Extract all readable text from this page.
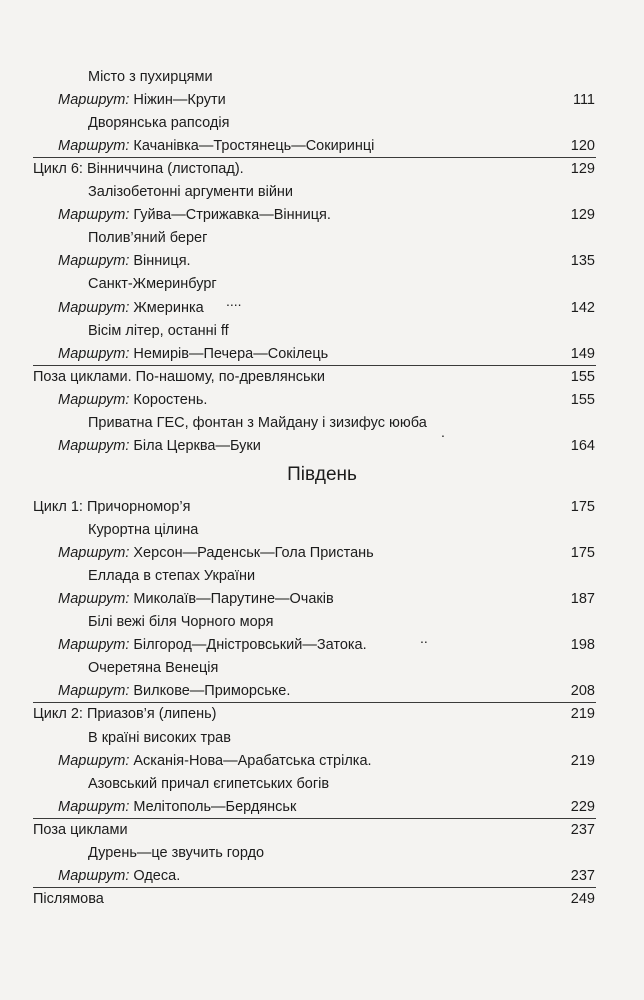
Місто з пухирцями
Маршрут: Ніжин—Крути	111
Дворянська рапсодія
Маршрут: Качанівка—Тростянець—Сокиринці	120
Цикл 6: Вінниччина (листопад).	129
Залізобетонні аргументи війни
Маршрут: Гуйва—Стрижавка—Вінниця.	129
Полив’яний берег
Маршрут: Вінниця.	135
Санкт-Жмеринбург
Маршрут: Жмеринка	142
Вісім літер, останні ff
Маршрут: Немирів—Печера—Сокілець	149
Поза циклами. По-нашому, по-древлянськи	155
Маршрут: Коростень.	155
Приватна ГЕС, фонтан з Майдану і зизифус ююба
Маршрут: Біла Церква—Буки	164
Південь
Цикл 1: Причорномор’я	175
Курортна цілина
Маршрут: Херсон—Раденськ—Гола Пристань	175
Еллада в степах України
Маршрут: Миколаїв—Парутине—Очаків	187
Білі вежі біля Чорного моря
Маршрут: Білгород—Дністровський—Затока.	198
Очеретяна Венеція
Маршрут: Вилкове—Приморське.	208
Цикл 2: Приазов’я (липень)	219
В країні високих трав
Маршрут: Асканія-Нова—Арабатська стрілка.	219
Азовський причал єгипетських богів
Маршрут: Мелітополь—Бердянськ	229
Поза циклами	237
Дурень—це звучить гордо
Маршрут: Одеса.	237
Післямова	249
....
.
..
